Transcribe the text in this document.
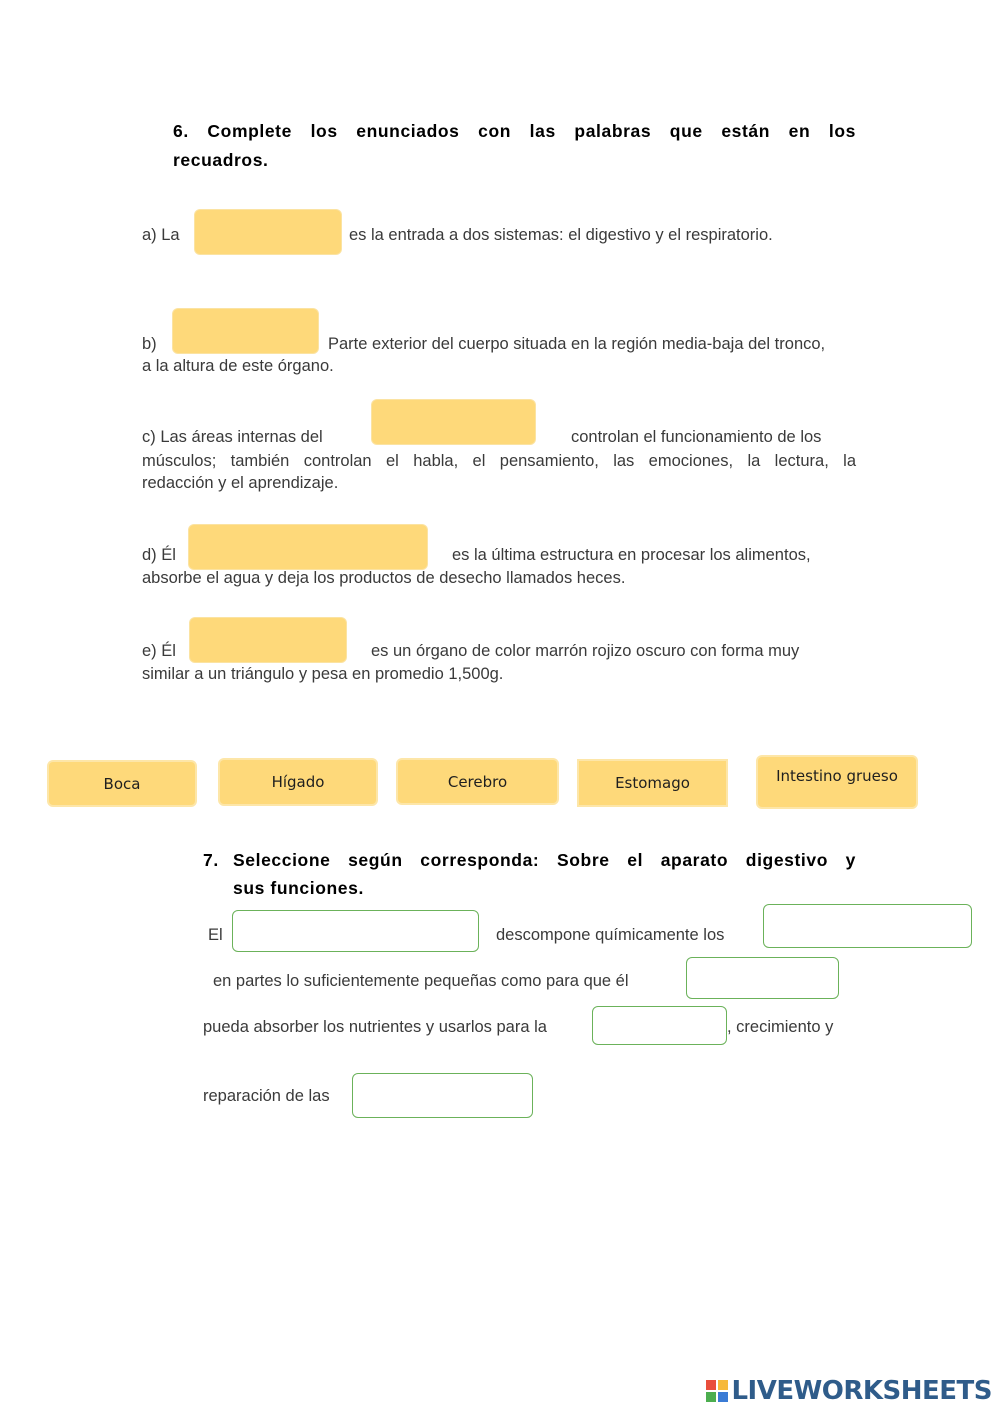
6. Complete los enunciados con las palabras que están en los
recuadros.
a) La	es la entrada a dos sistemas: el digestivo y el respiratorio.
b)	Parte exterior del cuerpo situada en la región media-baja del tronco,
a la altura de este órgano.
c) Las áreas internas del	controlan el funcionamiento de los
músculos; también controlan el habla, el pensamiento, las emociones, la lectura, la
redacción y el aprendizaje.
d) Él	es la última estructura en procesar los alimentos,
absorbe el agua y deja los productos de desecho llamados heces.
e) Él	es un órgano de color marrón rojizo oscuro con forma muy
similar a un triángulo y pesa en promedio 1,500g.
Boca	Hígado	Cerebro	Estomago	Intestino grueso
7. Seleccione según corresponda: Sobre el aparato digestivo y
sus funciones.
El	descompone químicamente los
en partes lo suficientemente pequeñas como para que él
pueda absorber los nutrientes y usarlos para la	, crecimiento y
reparación de las
LIVEWORKSHEETS
